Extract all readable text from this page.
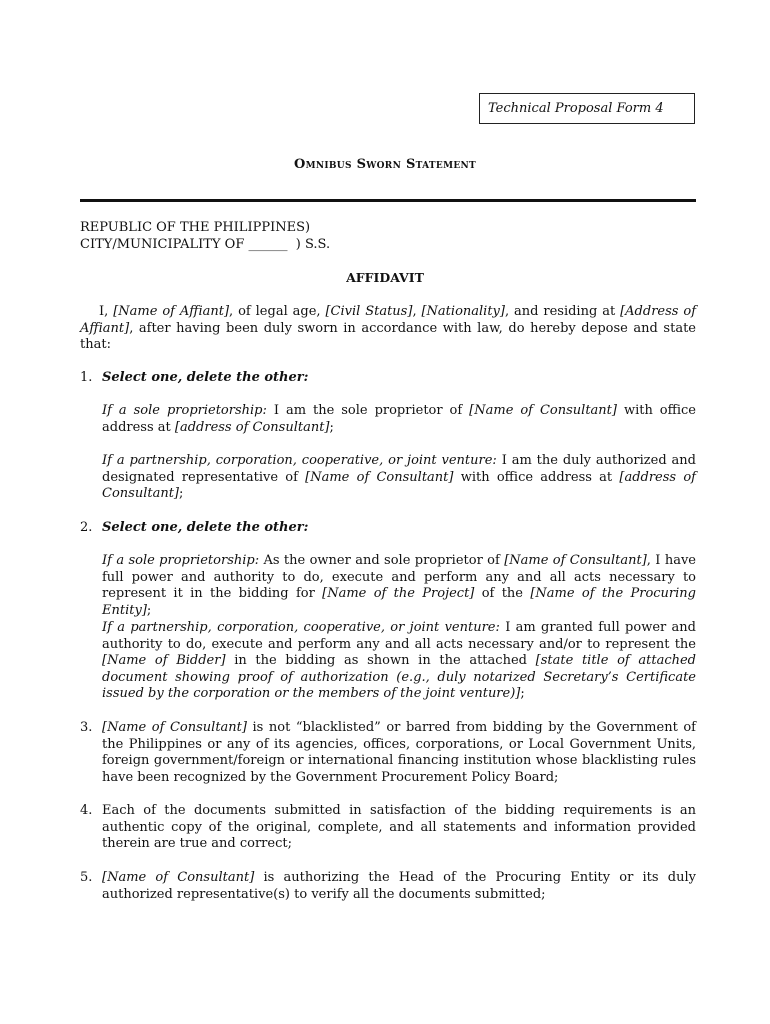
Technical Proposal Form 4
Omnibus Sworn Statement
REPUBLIC OF THE PHILIPPINES)
CITY/MUNICIPALITY OF ______  ) S.S.
AFFIDAVIT
I, [Name of Affiant], of legal age, [Civil Status], [Nationality], and residing at [Address of Affiant], after having been duly sworn in accordance with law, do hereby depose and state that:
1. Select one, delete the other:
If a sole proprietorship: I am the sole proprietor of [Name of Consultant] with office address at [address of Consultant];
If a partnership, corporation, cooperative, or joint venture: I am the duly authorized and designated representative of [Name of Consultant] with office address at [address of Consultant];
2. Select one, delete the other:
If a sole proprietorship: As the owner and sole proprietor of [Name of Consultant], I have full power and authority to do, execute and perform any and all acts necessary to represent it in the bidding for [Name of the Project] of the [Name of the Procuring Entity];
If a partnership, corporation, cooperative, or joint venture: I am granted full power and authority to do, execute and perform any and all acts necessary and/or to represent the [Name of Bidder] in the bidding as shown in the attached [state title of attached document showing proof of authorization (e.g., duly notarized Secretary’s Certificate issued by the corporation or the members of the joint venture)];
3. [Name of Consultant] is not “blacklisted” or barred from bidding by the Government of the Philippines or any of its agencies, offices, corporations, or Local Government Units, foreign government/foreign or international financing institution whose blacklisting rules have been recognized by the Government Procurement Policy Board;
4. Each of the documents submitted in satisfaction of the bidding requirements is an authentic copy of the original, complete, and all statements and information provided therein are true and correct;
5. [Name of Consultant] is authorizing the Head of the Procuring Entity or its duly authorized representative(s) to verify all the documents submitted;
